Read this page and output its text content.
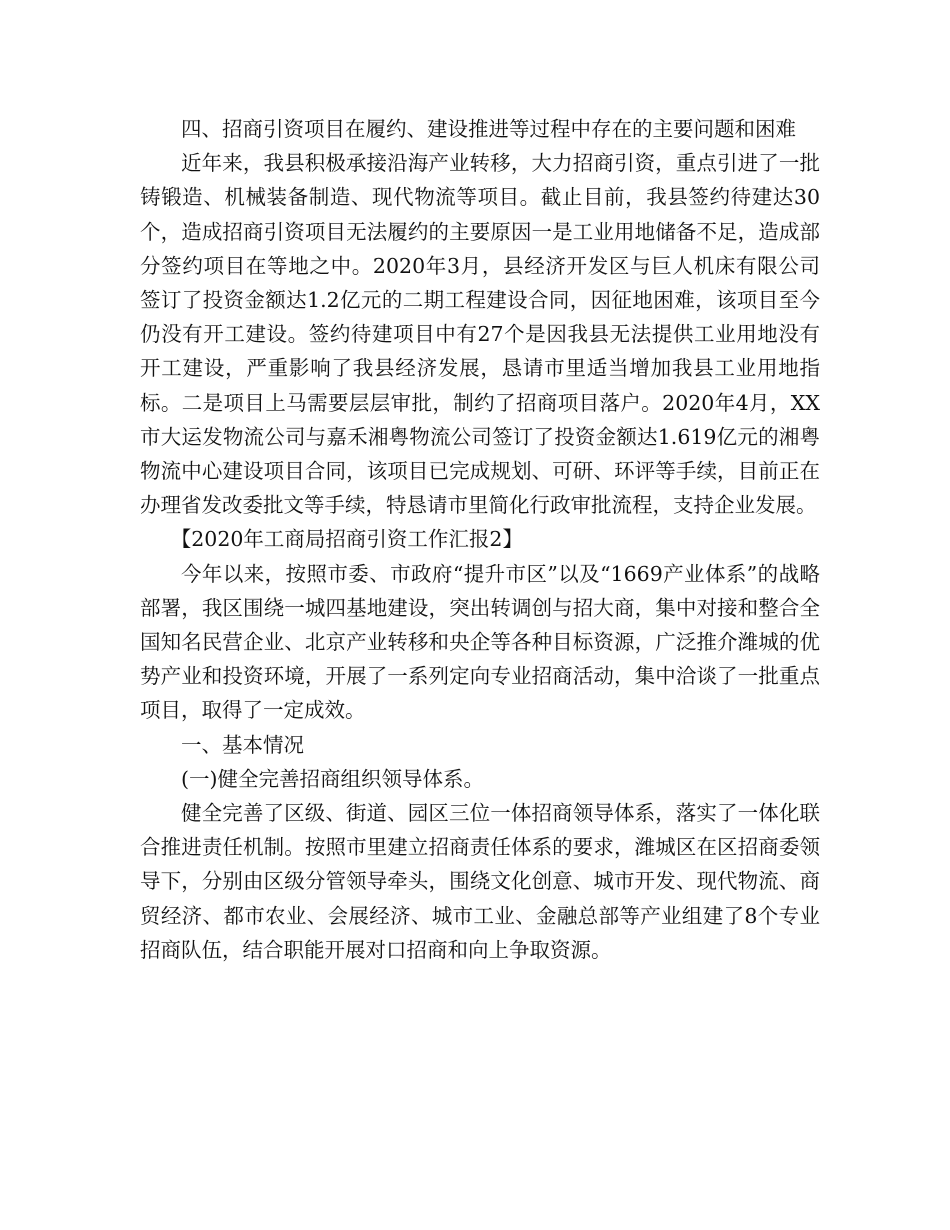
四、招商引资项目在履约、建设推进等过程中存在的主要问题和困难

近年来，我县积极承接沿海产业转移，大力招商引资，重点引进了一批铸锻造、机械装备制造、现代物流等项目。截止目前，我县签约待建达30个，造成招商引资项目无法履约的主要原因一是工业用地储备不足，造成部分签约项目在等地之中。2020年3月，县经济开发区与巨人机床有限公司签订了投资金额达1.2亿元的二期工程建设合同，因征地困难，该项目至今仍没有开工建设。签约待建项目中有27个是因我县无法提供工业用地没有开工建设，严重影响了我县经济发展，恳请市里适当增加我县工业用地指标。二是项目上马需要层层审批，制约了招商项目落户。2020年4月，XX市大运发物流公司与嘉禾湘粤物流公司签订了投资金额达1.619亿元的湘粤物流中心建设项目合同，该项目已完成规划、可研、环评等手续，目前正在办理省发改委批文等手续，特恳请市里简化行政审批流程，支持企业发展。

【2020年工商局招商引资工作汇报2】

今年以来，按照市委、市政府“提升市区”以及“1669产业体系”的战略部署，我区围绕一城四基地建设，突出转调创与招大商，集中对接和整合全国知名民营企业、北京产业转移和央企等各种目标资源，广泛推介潍城的优势产业和投资环境，开展了一系列定向专业招商活动，集中洽谈了一批重点项目，取得了一定成效。

一、基本情况

(一)健全完善招商组织领导体系。

健全完善了区级、街道、园区三位一体招商领导体系，落实了一体化联合推进责任机制。按照市里建立招商责任体系的要求，潍城区在区招商委领导下，分别由区级分管领导牵头，围绕文化创意、城市开发、现代物流、商贸经济、都市农业、会展经济、城市工业、金融总部等产业组建了8个专业招商队伍，结合职能开展对口招商和向上争取资源。
